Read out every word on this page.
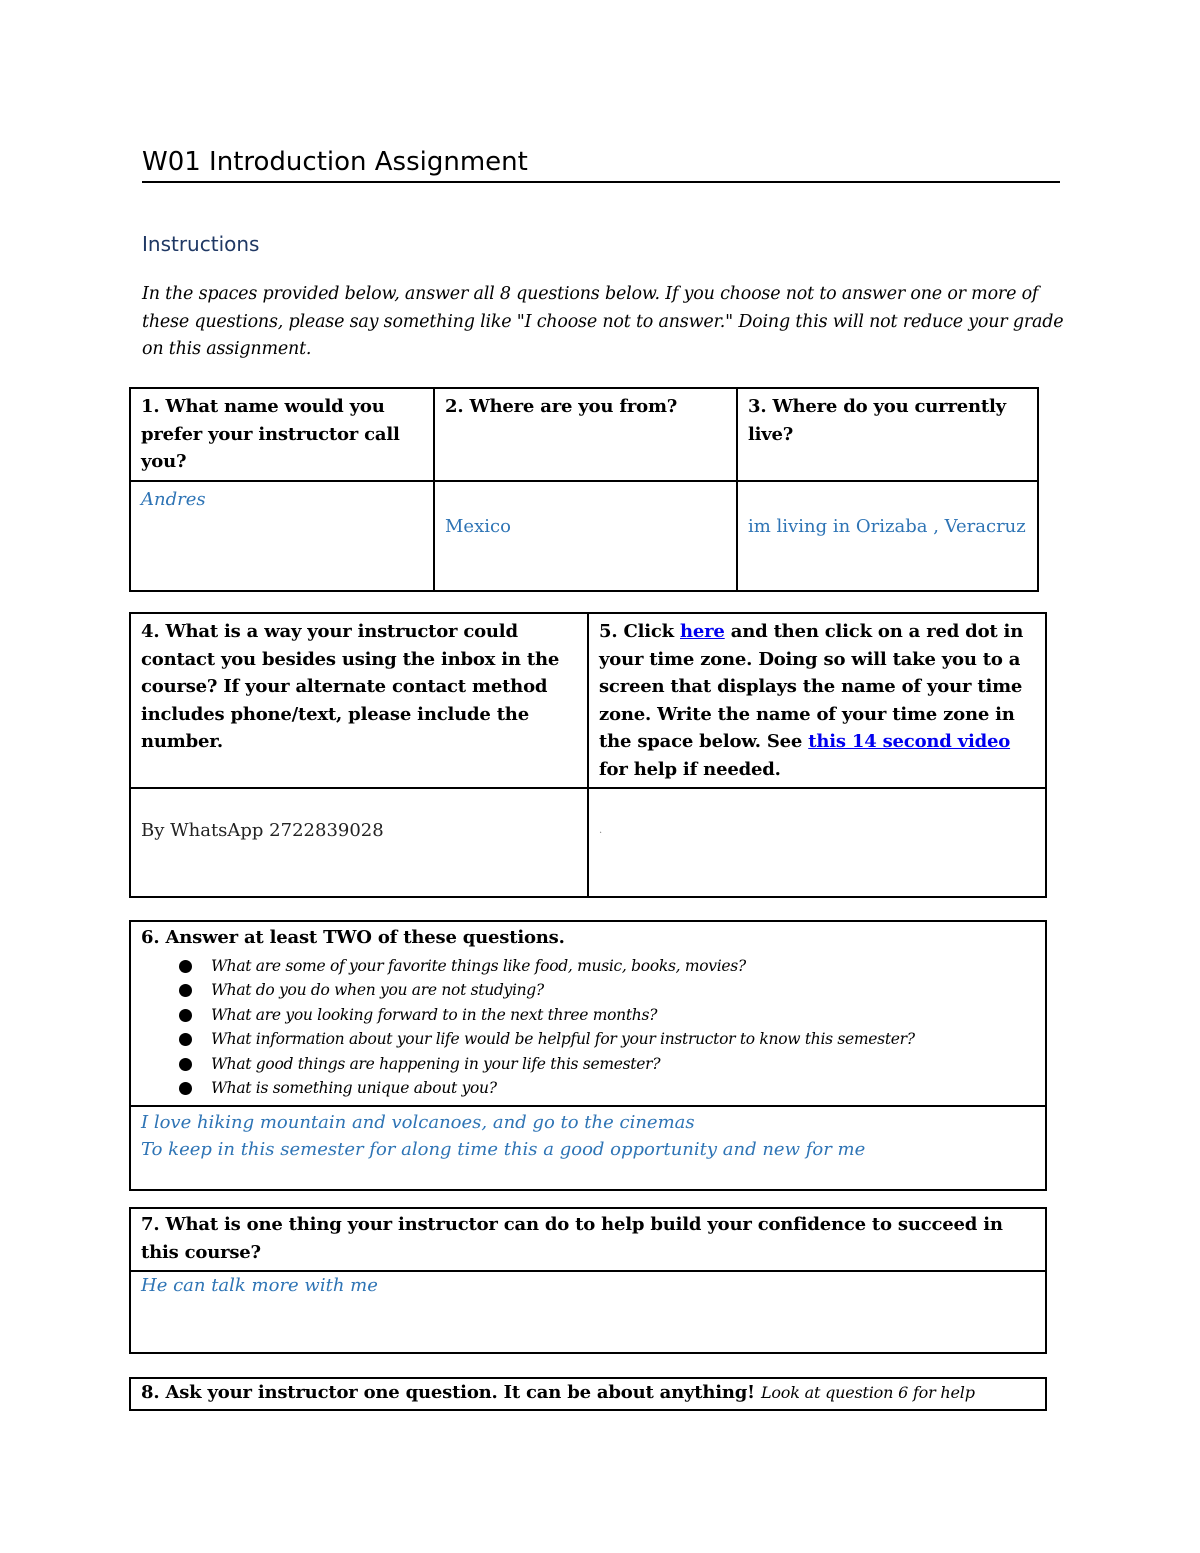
W01 Introduction Assignment
Instructions
In the spaces provided below, answer all 8 questions below. If you choose not to answer one or more of these questions, please say something like "I choose not to answer." Doing this will not reduce your grade on this assignment.
1. What name would you prefer your instructor call you?	2. Where are you from?	3. Where do you currently live?

Andres	Mexico	im living in Orizaba , Veracruz
4. What is a way your instructor could contact you besides using the inbox in the course? If your alternate contact method includes phone/text, please include the number.	5. Click here and then click on a red dot in your time zone. Doing so will take you to a screen that displays the name of your time zone. Write the name of your time zone in the space below. See this 14 second video for help if needed.

By WhatsApp 2722839028	.
6. Answer at least TWO of these questions.
What are some of your favorite things like food, music, books, movies?
What do you do when you are not studying?
What are you looking forward to in the next three months?
What information about your life would be helpful for your instructor to know this semester?
What good things are happening in your life this semester?
What is something unique about you?

I love hiking mountain and volcanoes, and go to the cinemas
To keep in this semester for along time this a good opportunity and new for me
7. What is one thing your instructor can do to help build your confidence to succeed in this course?

He can talk more with me
8. Ask your instructor one question. It can be about anything! Look at question 6 for help
